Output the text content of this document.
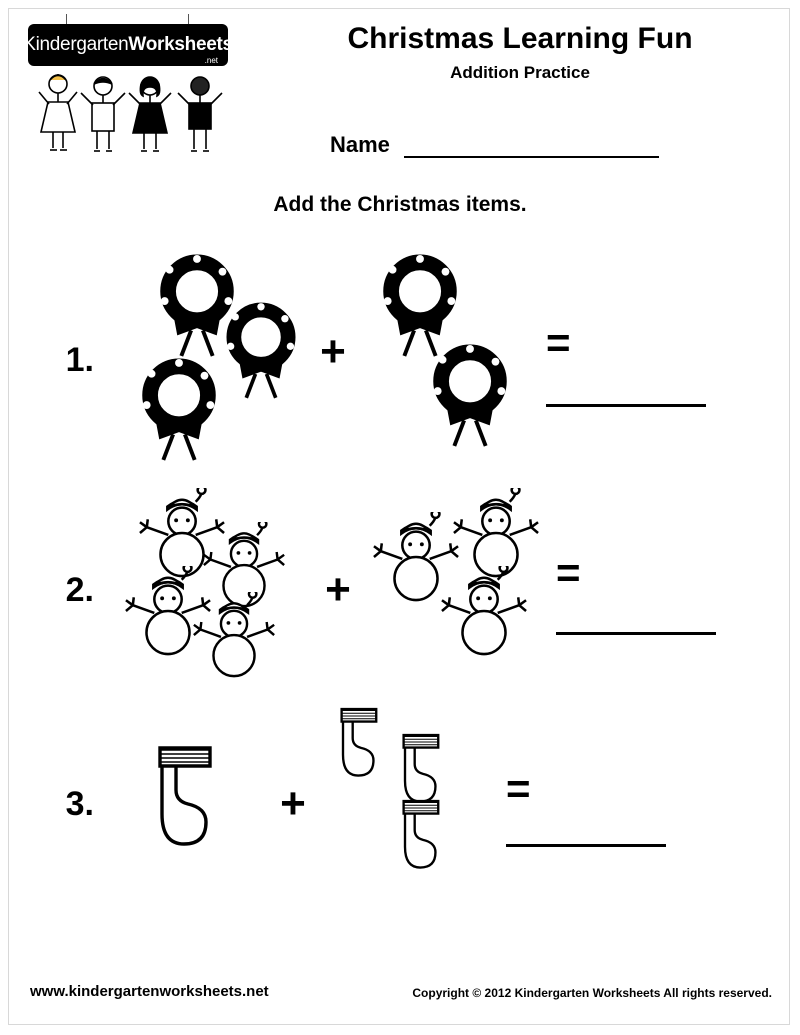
KindergartenWorksheets
.net
Christmas Learning Fun
Addition Practice
Name
Add the Christmas items.
1.	+	=
2.	+	=
3.	+	=
www.kindergartenworksheets.net	Copyright © 2012 Kindergarten Worksheets All rights reserved.
